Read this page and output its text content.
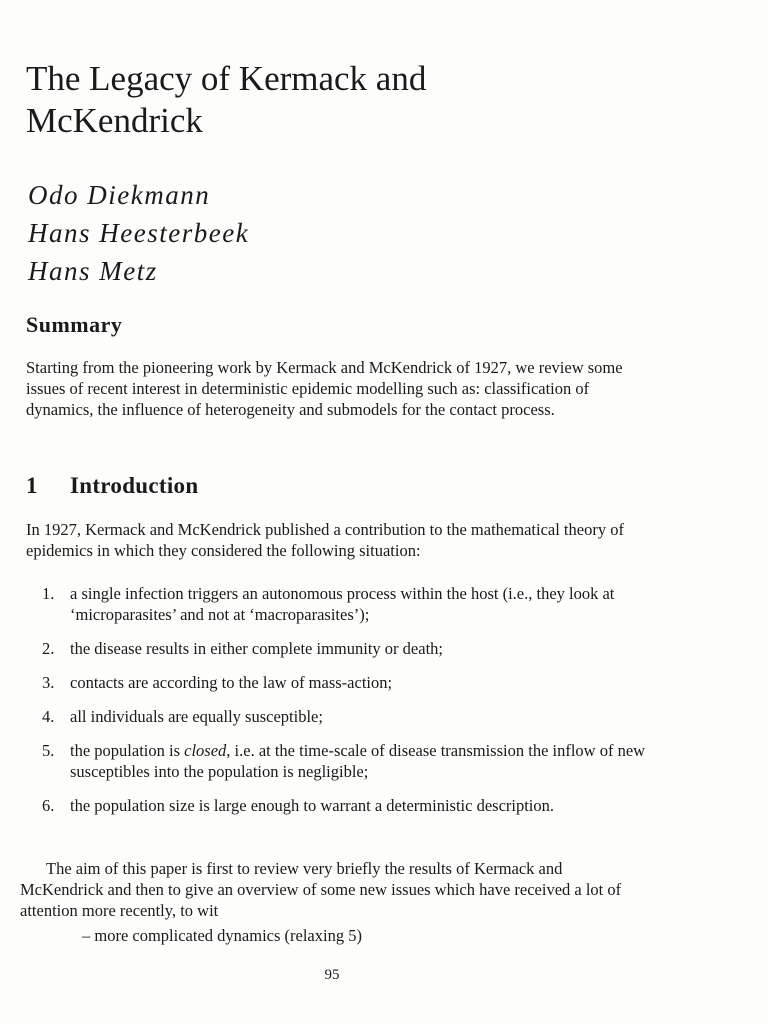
The Legacy of Kermack and
McKendrick
Odo Diekmann
Hans Heesterbeek
Hans Metz
Summary

Starting from the pioneering work by Kermack and McKendrick of 1927, we review some issues of recent interest in deterministic epidemic modelling such as: classification of dynamics, the influence of heterogeneity and submodels for the contact process.

1 Introduction

In 1927, Kermack and McKendrick published a contribution to the mathematical theory of epidemics in which they considered the following situation:

1. a single infection triggers an autonomous process within the host (i.e., they look at ‘microparasites’ and not at ‘macroparasites’);
2. the disease results in either complete immunity or death;
3. contacts are according to the law of mass-action;
4. all individuals are equally susceptible;
5. the population is closed, i.e. at the time-scale of disease transmission the inflow of new susceptibles into the population is negligible;
6. the population size is large enough to warrant a deterministic description.

The aim of this paper is first to review very briefly the results of Kermack and McKendrick and then to give an overview of some new issues which have received a lot of attention more recently, to wit

– more complicated dynamics (relaxing 5)

95
